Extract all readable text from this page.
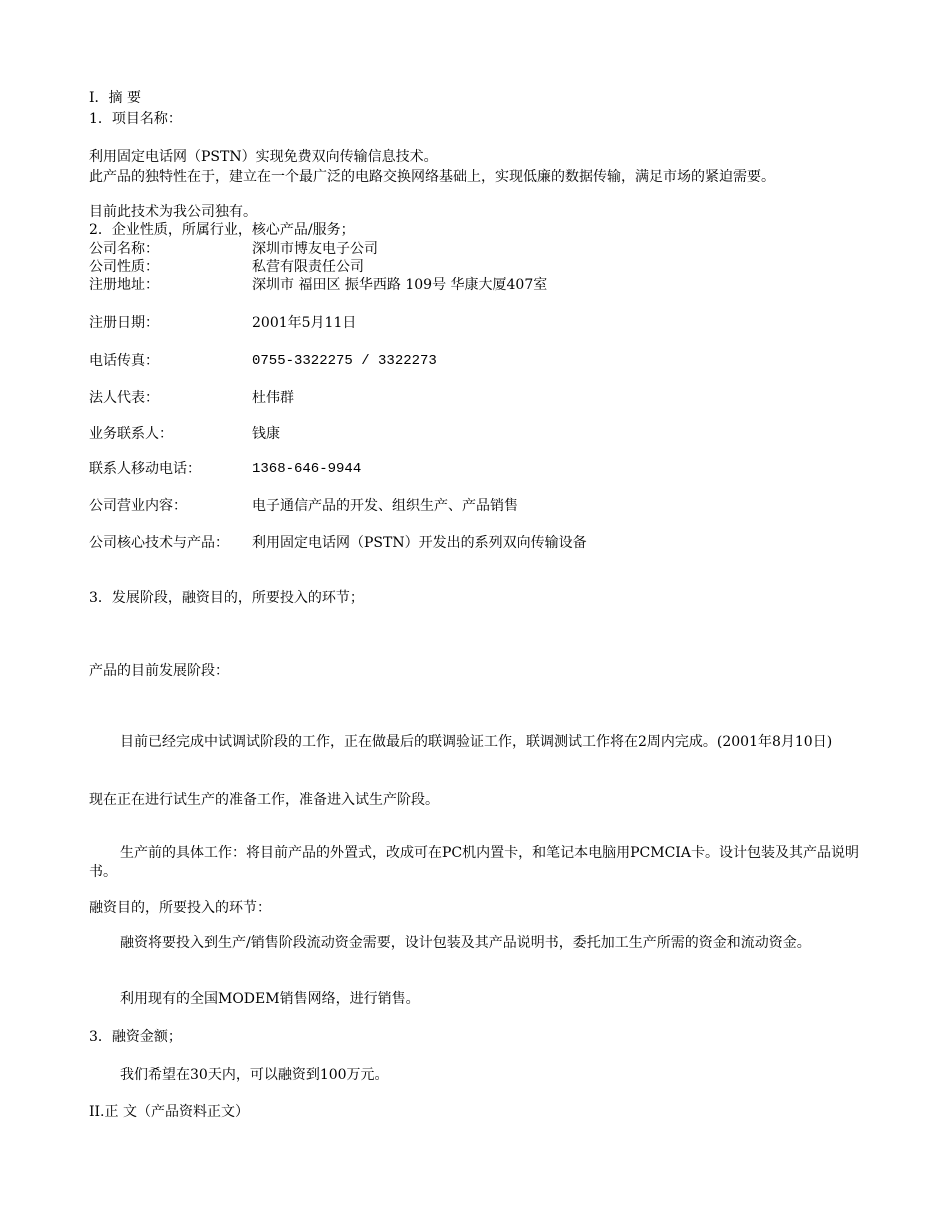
I．摘 要
1．项目名称：
利用固定电话网（PSTN）实现免费双向传输信息技术。
此产品的独特性在于，建立在一个最广泛的电路交换网络基础上，实现低廉的数据传输，满足市场的紧迫需要。
目前此技术为我公司独有。
2．企业性质，所属行业，核心产品/服务；
公司名称：	深圳市博友电子公司
公司性质：	私营有限责任公司
注册地址：	深圳市 福田区 振华西路 109号 华康大厦407室
注册日期：	2001年5月11日
电话传真：	0755-3322275 / 3322273
法人代表：	杜伟群
业务联系人：	钱康
联系人移动电话：	1368-646-9944
公司营业内容：	电子通信产品的开发、组织生产、产品销售
公司核心技术与产品： 利用固定电话网（PSTN）开发出的系列双向传输设备
3．发展阶段，融资目的，所要投入的环节；
产品的目前发展阶段：
目前已经完成中试调试阶段的工作，正在做最后的联调验证工作，联调测试工作将在2周内完成。(2001年8月10日)
现在正在进行试生产的准备工作，准备进入试生产阶段。
生产前的具体工作：将目前产品的外置式，改成可在PC机内置卡，和笔记本电脑用PCMCIA卡。设计包装及其产品说明书。
融资目的，所要投入的环节：
融资将要投入到生产/销售阶段流动资金需要，设计包装及其产品说明书，委托加工生产所需的资金和流动资金。
利用现有的全国MODEM销售网络，进行销售。
3．融资金额；
我们希望在30天内，可以融资到100万元。
II.正 文（产品资料正文）
